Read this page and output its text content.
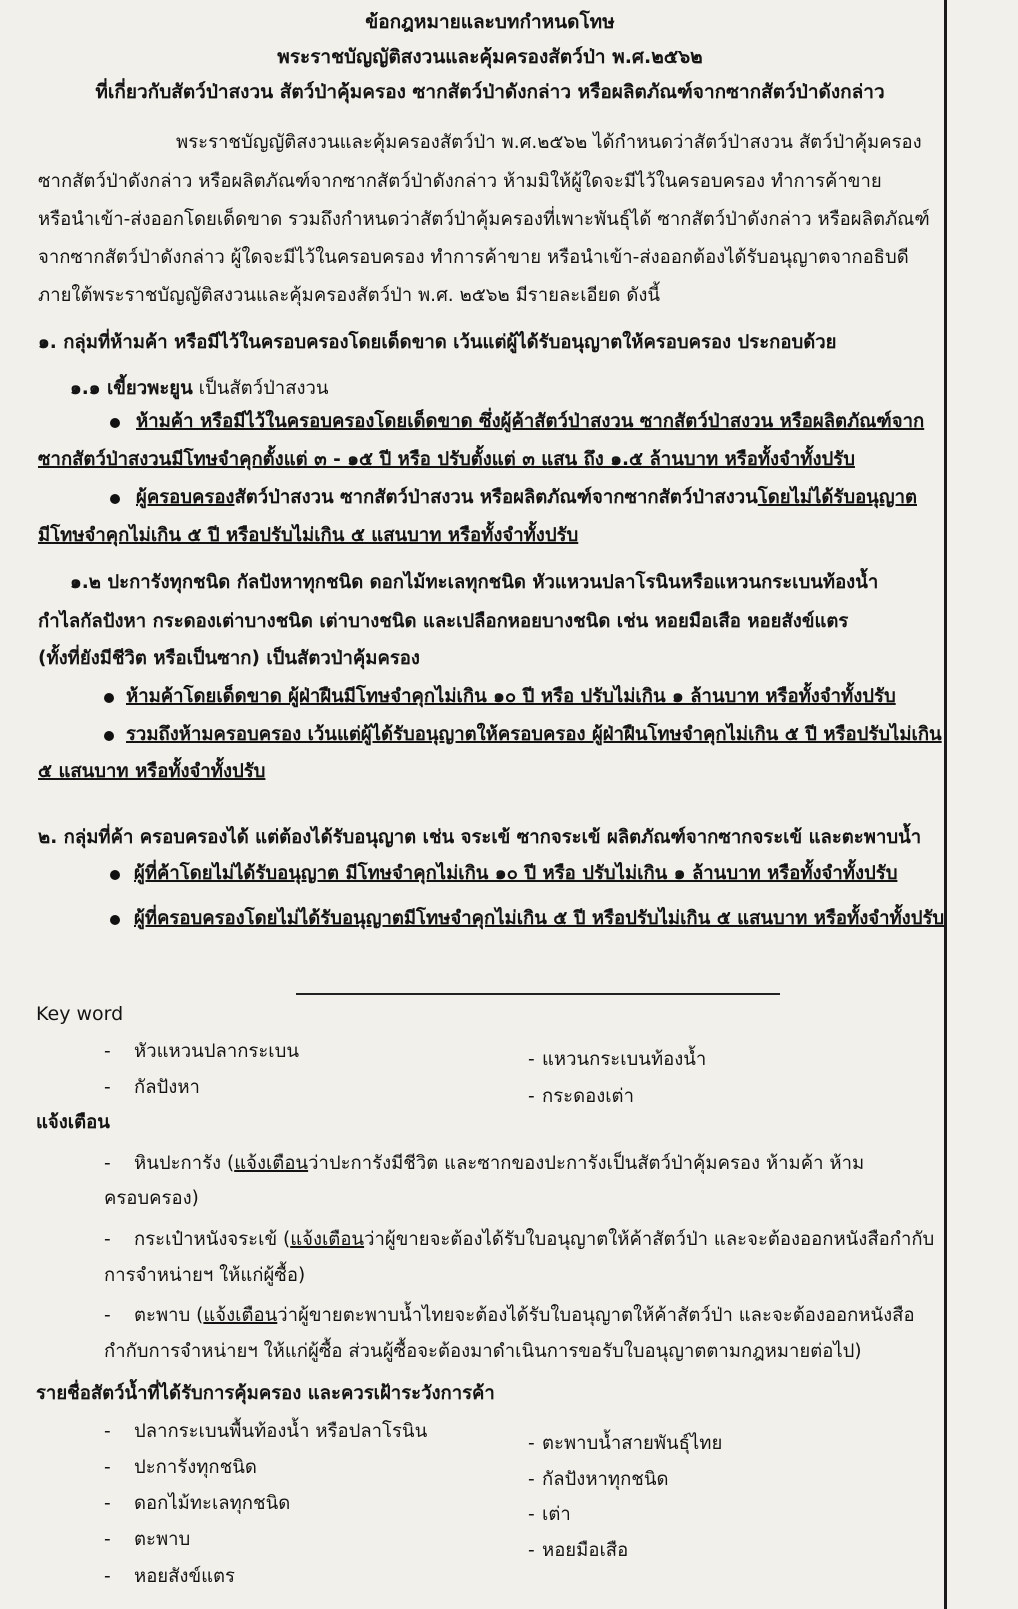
ข้อกฎหมายและบทกำหนดโทษ
พระราชบัญญัติสงวนและคุ้มครองสัตว์ป่า พ.ศ.๒๕๖๒
ที่เกี่ยวกับสัตว์ป่าสงวน สัตว์ป่าคุ้มครอง ซากสัตว์ป่าดังกล่าว หรือผลิตภัณฑ์จากซากสัตว์ป่าดังกล่าว
พระราชบัญญัติสงวนและคุ้มครองสัตว์ป่า พ.ศ.๒๕๖๒ ได้กำหนดว่าสัตว์ป่าสงวน สัตว์ป่าคุ้มครอง
ซากสัตว์ป่าดังกล่าว หรือผลิตภัณฑ์จากซากสัตว์ป่าดังกล่าว ห้ามมิให้ผู้ใดจะมีไว้ในครอบครอง ทำการค้าขาย
หรือนำเข้า-ส่งออกโดยเด็ดขาด รวมถึงกำหนดว่าสัตว์ป่าคุ้มครองที่เพาะพันธุ์ได้ ซากสัตว์ป่าดังกล่าว หรือผลิตภัณฑ์
จากซากสัตว์ป่าดังกล่าว ผู้ใดจะมีไว้ในครอบครอง ทำการค้าขาย หรือนำเข้า-ส่งออกต้องได้รับอนุญาตจากอธิบดี
ภายใต้พระราชบัญญัติสงวนและคุ้มครองสัตว์ป่า พ.ศ. ๒๕๖๒ มีรายละเอียด ดังนี้
๑. กลุ่มที่ห้ามค้า หรือมีไว้ในครอบครองโดยเด็ดขาด เว้นแต่ผู้ได้รับอนุญาตให้ครอบครอง ประกอบด้วย
๑.๑ เขี้ยวพะยูน เป็นสัตว์ป่าสงวน
ห้ามค้า หรือมีไว้ในครอบครองโดยเด็ดขาด ซึ่งผู้ค้าสัตว์ป่าสงวน ซากสัตว์ป่าสงวน หรือผลิตภัณฑ์จาก
ซากสัตว์ป่าสงวนมีโทษจำคุกตั้งแต่ ๓ - ๑๕ ปี หรือ ปรับตั้งแต่ ๓ แสน ถึง ๑.๕ ล้านบาท หรือทั้งจำทั้งปรับ
ผู้ครอบครองสัตว์ป่าสงวน ซากสัตว์ป่าสงวน หรือผลิตภัณฑ์จากซากสัตว์ป่าสงวนโดยไม่ได้รับอนุญาต
มีโทษจำคุกไม่เกิน ๕ ปี หรือปรับไม่เกิน ๕ แสนบาท หรือทั้งจำทั้งปรับ
๑.๒ ปะการังทุกชนิด กัลปังหาทุกชนิด ดอกไม้ทะเลทุกชนิด หัวแหวนปลาโรนินหรือแหวนกระเบนท้องน้ำ
กำไลกัลปังหา กระดองเต่าบางชนิด เต่าบางชนิด และเปลือกหอยบางชนิด เช่น หอยมือเสือ หอยสังข์แตร
(ทั้งที่ยังมีชีวิต หรือเป็นซาก) เป็นสัตวป่าคุ้มครอง
ห้ามค้าโดยเด็ดขาด ผู้ฝ่าฝืนมีโทษจำคุกไม่เกิน ๑๐ ปี หรือ ปรับไม่เกิน ๑ ล้านบาท หรือทั้งจำทั้งปรับ
รวมถึงห้ามครอบครอง เว้นแต่ผู้ได้รับอนุญาตให้ครอบครอง ผู้ฝ่าฝืนโทษจำคุกไม่เกิน ๕ ปี หรือปรับไม่เกิน
๕ แสนบาท หรือทั้งจำทั้งปรับ
๒. กลุ่มที่ค้า ครอบครองได้ แต่ต้องได้รับอนุญาต เช่น จระเข้ ซากจระเข้ ผลิตภัณฑ์จากซากจระเข้ และตะพาบน้ำ
ผู้ที่ค้าโดยไม่ได้รับอนุญาต มีโทษจำคุกไม่เกิน ๑๐ ปี หรือ ปรับไม่เกิน ๑ ล้านบาท หรือทั้งจำทั้งปรับ
ผู้ที่ครอบครองโดยไม่ได้รับอนุญาตมีโทษจำคุกไม่เกิน ๕ ปี หรือปรับไม่เกิน ๕ แสนบาท หรือทั้งจำทั้งปรับ
Key word
- หัวแหวนปลากระเบน
- กัลปังหา
- แหวนกระเบนท้องน้ำ
- กระดองเต่า
แจ้งเตือน
- หินปะการัง (แจ้งเตือนว่าปะการังมีชีวิต และซากของปะการังเป็นสัตว์ป่าคุ้มครอง ห้ามค้า ห้าม
ครอบครอง)
- กระเป๋าหนังจระเข้ (แจ้งเตือนว่าผู้ขายจะต้องได้รับใบอนุญาตให้ค้าสัตว์ป่า และจะต้องออกหนังสือกำกับ
การจำหน่ายฯ ให้แก่ผู้ซื้อ)
- ตะพาบ (แจ้งเตือนว่าผู้ขายตะพาบน้ำไทยจะต้องได้รับใบอนุญาตให้ค้าสัตว์ป่า และจะต้องออกหนังสือ
กำกับการจำหน่ายฯ ให้แก่ผู้ซื้อ ส่วนผู้ซื้อจะต้องมาดำเนินการขอรับใบอนุญาตตามกฎหมายต่อไป)
รายชื่อสัตว์น้ำที่ได้รับการคุ้มครอง และควรเฝ้าระวังการค้า
- ปลากระเบนพื้นท้องน้ำ หรือปลาโรนิน
- ปะการังทุกชนิด
- ดอกไม้ทะเลทุกชนิด
- ตะพาบ
- หอยสังข์แตร
- ตะพาบน้ำสายพันธุ์ไทย
- กัลปังหาทุกชนิด
- เต่า
- หอยมือเสือ
